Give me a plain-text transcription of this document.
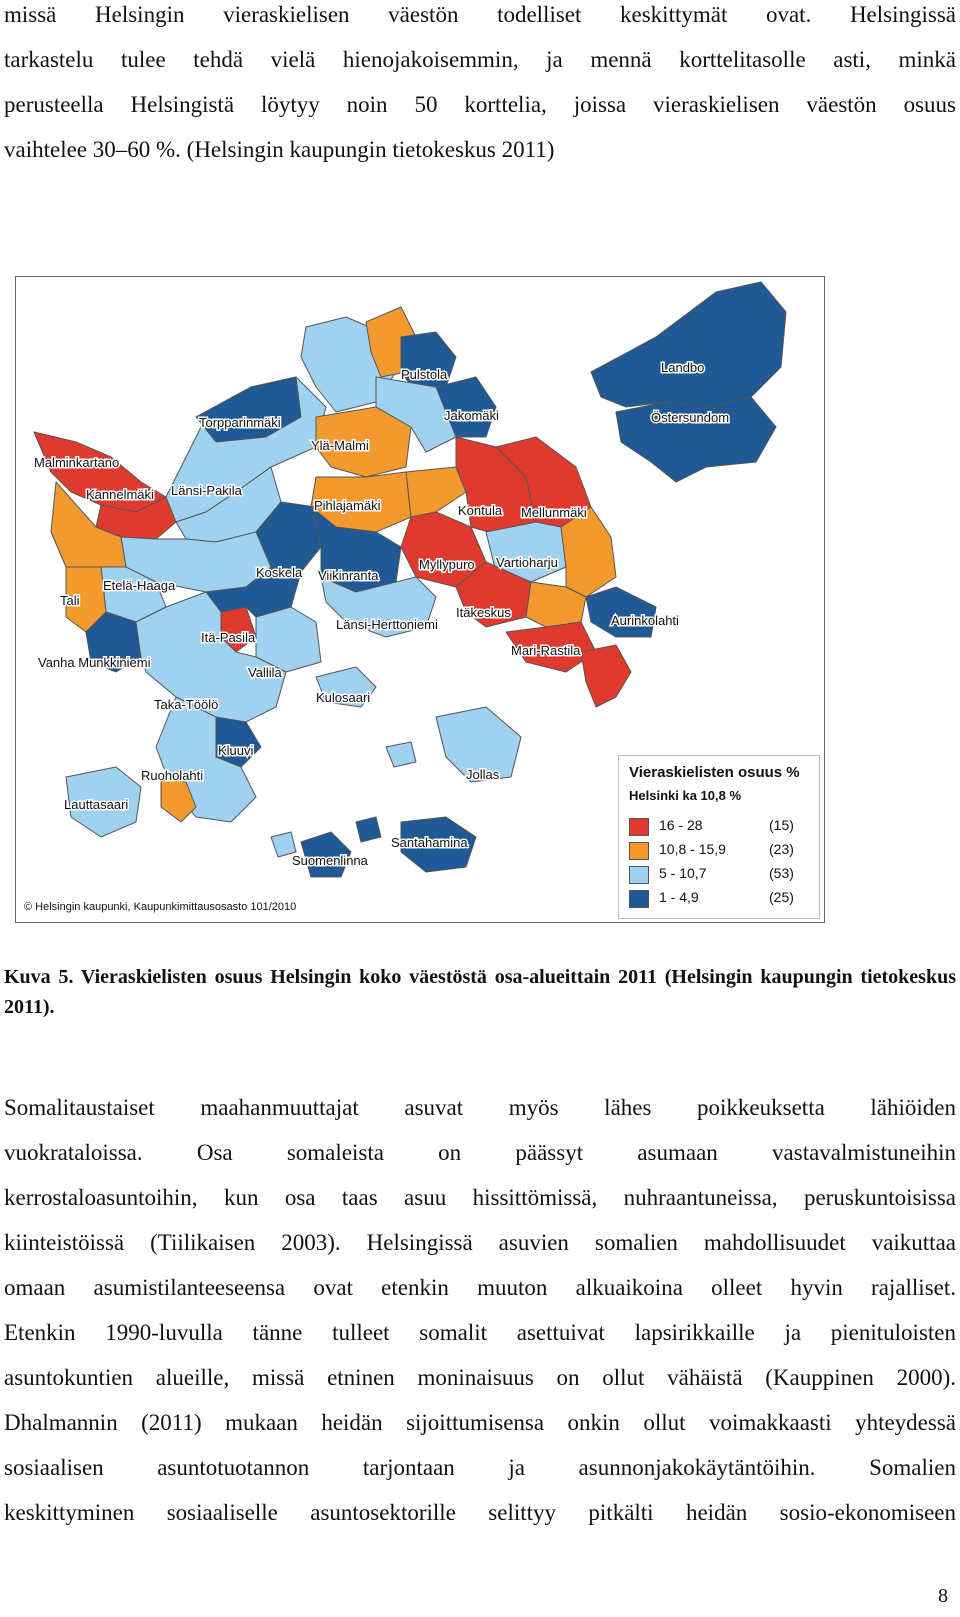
missä Helsingin vieraskielisen väestön todelliset keskittymät ovat. Helsingissä
tarkastelu tulee tehdä vielä hienojakoisemmin, ja mennä korttelitasolle asti, minkä
perusteella Helsingistä löytyy noin 50 korttelia, joissa vieraskielisen väestön osuus
vaihtelee 30–60 %. (Helsingin kaupungin tietokeskus 2011)
Landbo
Östersundom
Pulstola
Jakomäki
Torpparinmäki
Ylä-Malmi
Malminkartano
Kannelmäki Länsi-Pakila
Pihlajamäki	Kontula Mellunmäki
Myllypuro Vartioharju
Etelä-Haaga
Koskela Viikinranta
Tali
Itäkeskus
Aurinkolahti
Länsi-Herttoniemi
Itä-Pasila
Mari-Rastila
Vanha Munkkiniemi
Vallila
Kulosaari
Taka-Töölö
Kluuvi
Ruoholahti	Jollas
Lauttasaari
Santahamina
Suomenlinna
Vieraskielisten osuus %
Helsinki ka 10,8 %
16 - 28	(15)
10,8 - 15,9	(23)
5 - 10,7	(53)
1 - 4,9	(25)
© Helsingin kaupunki, Kaupunkimittausosasto 101/2010

Kuva 5. Vieraskielisten osuus Helsingin koko väestöstä osa-alueittain 2011 (Helsingin kaupungin tietokeskus 2011).

Somalitaustaiset maahanmuuttajat asuvat myös lähes poikkeuksetta lähiöiden
vuokrataloissa. Osa somaleista on päässyt asumaan vastavalmistuneihin
kerrostaloasuntoihin, kun osa taas asuu hissittömissä, nuhraantuneissa, peruskuntoisissa
kiinteistöissä (Tiilikaisen 2003). Helsingissä asuvien somalien mahdollisuudet vaikuttaa
omaan asumistilanteeseensa ovat etenkin muuton alkuaikoina olleet hyvin rajalliset.
Etenkin 1990-luvulla tänne tulleet somalit asettuivat lapsirikkaille ja pienituloisten
asuntokuntien alueille, missä etninen moninaisuus on ollut vähäistä (Kauppinen 2000).
Dhalmannin (2011) mukaan heidän sijoittumisensa onkin ollut voimakkaasti yhteydessä
sosiaalisen asuntotuotannon tarjontaan ja asunnonjakokäytäntöihin. Somalien
keskittyminen sosiaaliselle asuntosektorille selittyy pitkälti heidän sosio-ekonomiseen
8
